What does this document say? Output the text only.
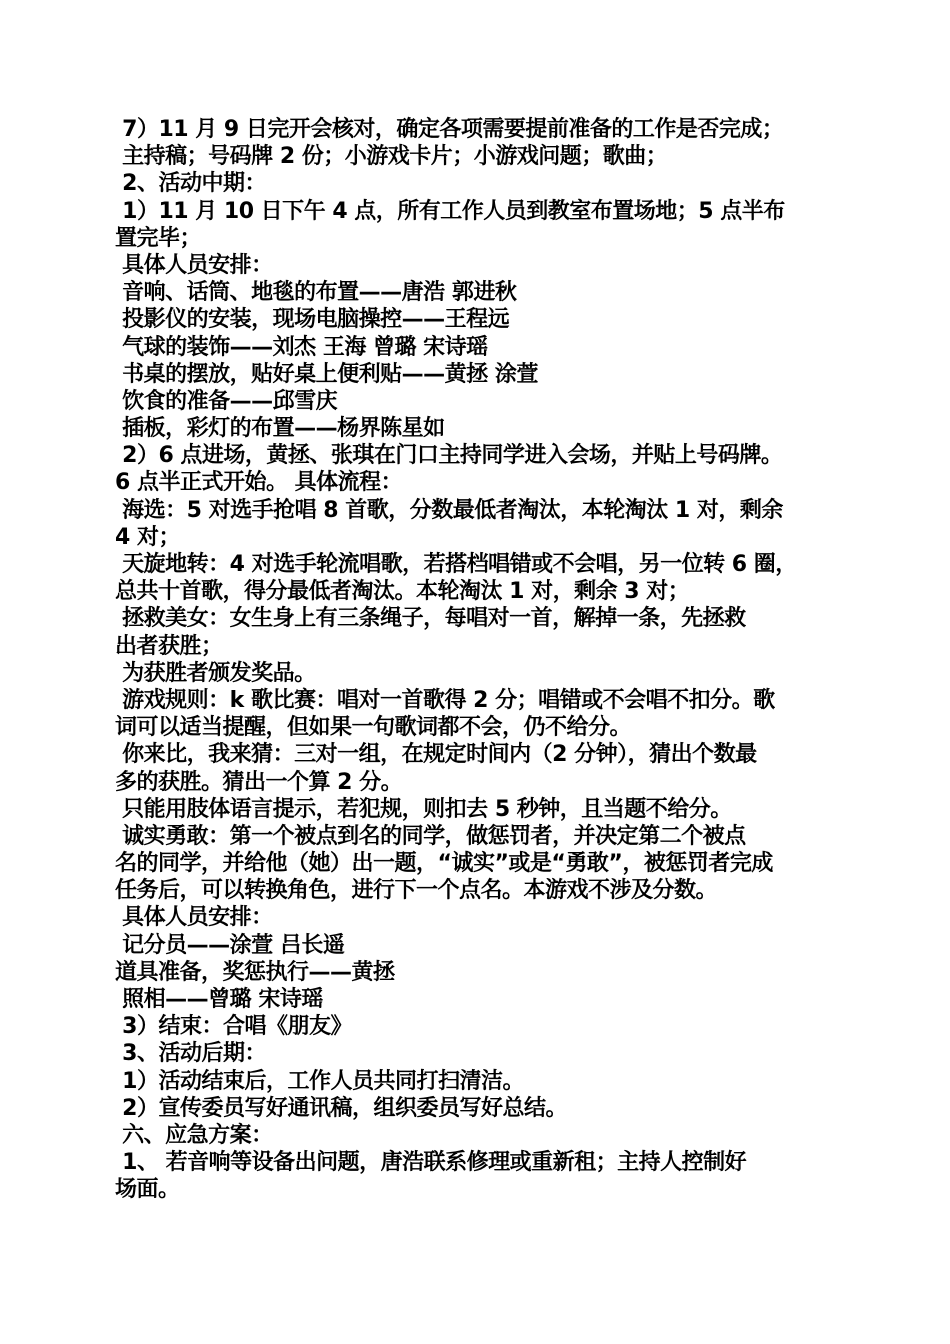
7）11 月 9 日完开会核对，确定各项需要提前准备的工作是否完成；
主持稿；号码牌 2 份；小游戏卡片；小游戏问题；歌曲；
2、活动中期：
1）11 月 10 日下午 4 点，所有工作人员到教室布置场地；5 点半布
置完毕；
具体人员安排：
音响、话筒、地毯的布置——唐浩 郭进秋
投影仪的安装，现场电脑操控——王程远
气球的装饰——刘杰 王海 曾璐 宋诗瑶
书桌的摆放，贴好桌上便利贴——黄拯 涂萱
饮食的准备——邱雪庆
插板，彩灯的布置——杨界陈星如
2）6 点进场，黄拯、张琪在门口主持同学进入会场，并贴上号码牌。
6 点半正式开始。 具体流程：
海选：5 对选手抢唱 8 首歌，分数最低者淘汰，本轮淘汰 1 对，剩余
4 对；
天旋地转：4 对选手轮流唱歌，若搭档唱错或不会唱，另一位转 6 圈，
总共十首歌，得分最低者淘汰。本轮淘汰 1 对，剩余 3 对；
拯救美女：女生身上有三条绳子，每唱对一首，解掉一条，先拯救
出者获胜；
为获胜者颁发奖品。
游戏规则：k 歌比赛：唱对一首歌得 2 分；唱错或不会唱不扣分。歌
词可以适当提醒，但如果一句歌词都不会，仍不给分。
你来比，我来猜：三对一组，在规定时间内（2 分钟），猜出个数最
多的获胜。猜出一个算 2 分。
只能用肢体语言提示，若犯规，则扣去 5 秒钟，且当题不给分。
诚实勇敢：第一个被点到名的同学，做惩罚者，并决定第二个被点
名的同学，并给他（她）出一题，“诚实”或是“勇敢”，被惩罚者完成
任务后，可以转换角色，进行下一个点名。本游戏不涉及分数。
具体人员安排：
记分员——涂萱 吕长遥
道具准备，奖惩执行——黄拯
照相——曾璐 宋诗瑶
3）结束：合唱《朋友》
3、活动后期：
1）活动结束后，工作人员共同打扫清洁。
2）宣传委员写好通讯稿，组织委员写好总结。
六、应急方案：
1、 若音响等设备出问题，唐浩联系修理或重新租；主持人控制好
场面。
